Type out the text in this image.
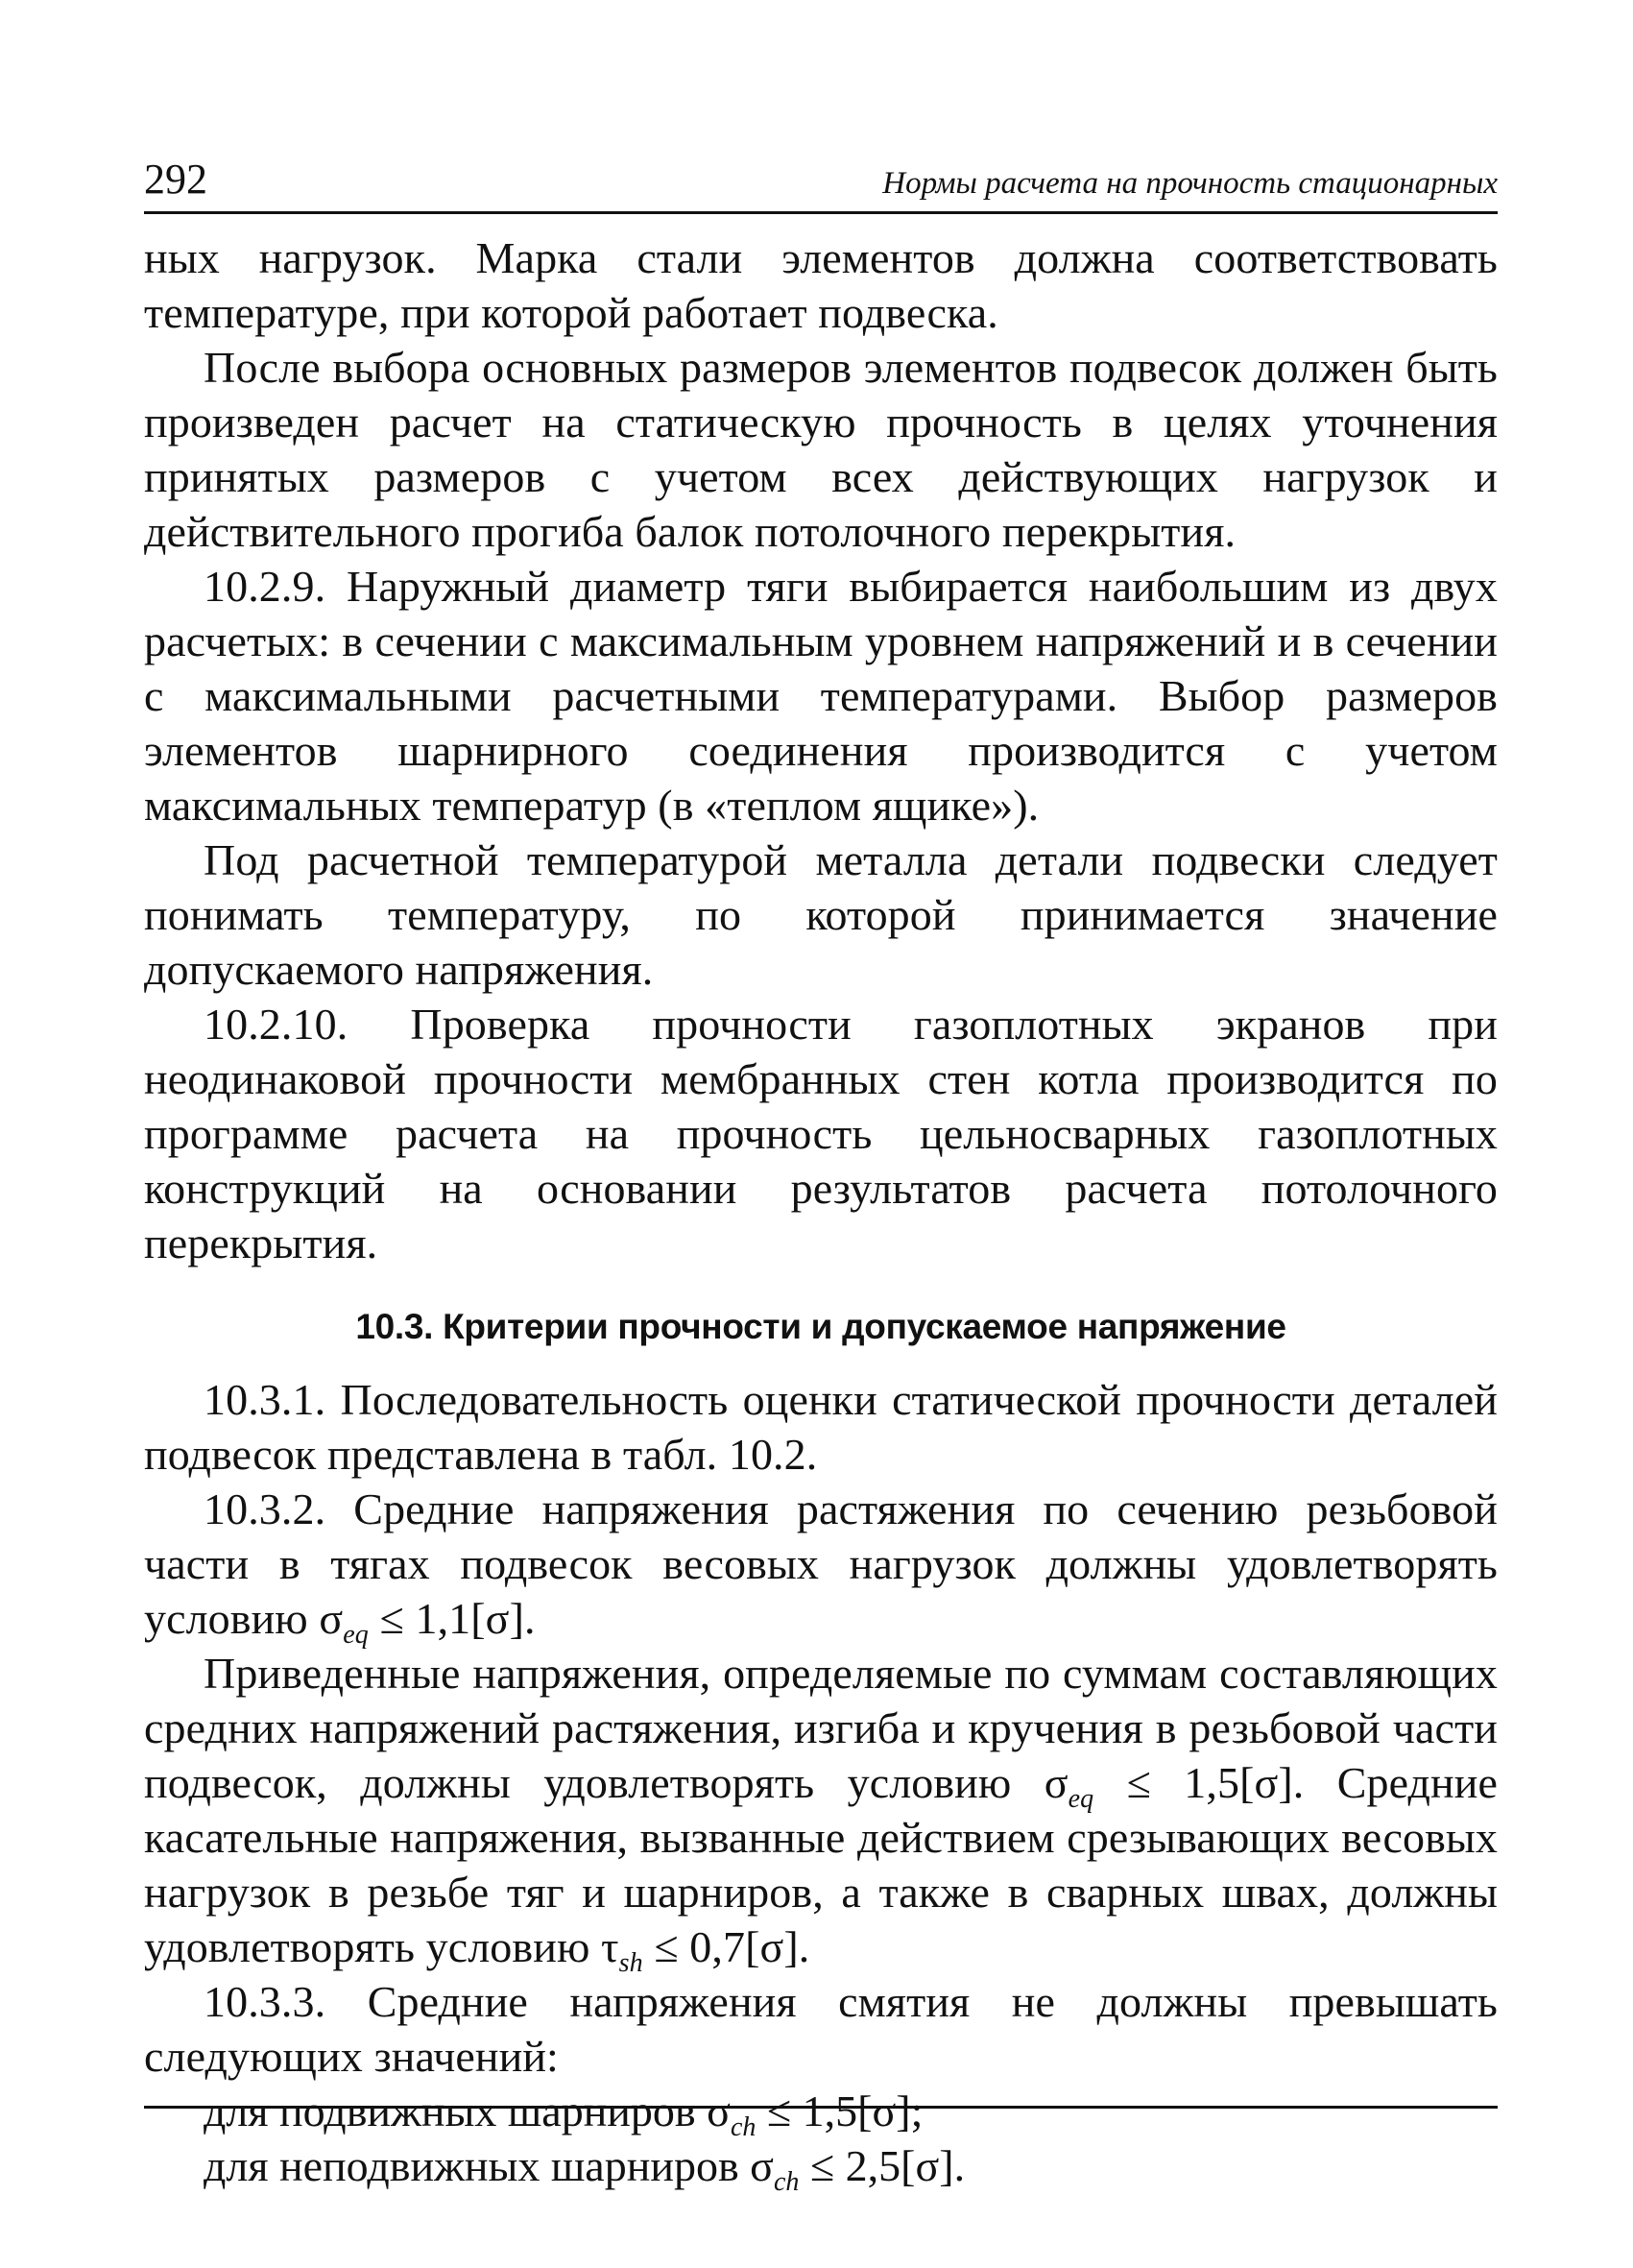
292	Нормы расчета на прочность стационарных

ных нагрузок. Марка стали элементов должна соответствовать температуре, при которой работает подвеска.

После выбора основных размеров элементов подвесок должен быть произведен расчет на статическую прочность в целях уточнения принятых размеров с учетом всех действующих нагрузок и действительного прогиба балок потолочного перекрытия.

10.2.9. Наружный диаметр тяги выбирается наибольшим из двух расчетых: в сечении с максимальным уровнем напряжений и в сечении с максимальными расчетными температурами. Выбор размеров элементов шарнирного соединения производится с учетом максимальных температур (в «теплом ящике»).

Под расчетной температурой металла детали подвески следует понимать температуру, по которой принимается значение допускаемого напряжения.

10.2.10. Проверка прочности газоплотных экранов при неодинаковой прочности мембранных стен котла производится по программе расчета на прочность цельносварных газоплотных конструкций на основании результатов расчета потолочного перекрытия.

10.3. Критерии прочности и допускаемое напряжение

10.3.1. Последовательность оценки статической прочности деталей подвесок представлена в табл. 10.2.

10.3.2. Средние напряжения растяжения по сечению резьбовой части в тягах подвесок весовых нагрузок должны удовлетворять условию $\sigma_{eq} \le 1,1[\sigma]$.

Приведенные напряжения, определяемые по суммам составляющих средних напряжений растяжения, изгиба и кручения в резьбовой части подвесок, должны удовлетворять условию $\sigma_{eq} \le 1,5[\sigma]$. Средние касательные напряжения, вызванные действием срезывающих весовых нагрузок в резьбе тяг и шарниров, а также в сварных швах, должны удовлетворять условию $\tau_{sh} \le 0,7[\sigma]$.

10.3.3. Средние напряжения смятия не должны превышать следующих значений:

для подвижных шарниров $\sigma_{ch} \le 1,5[\sigma]$;

для неподвижных шарниров $\sigma_{ch} \le 2,5[\sigma]$.
